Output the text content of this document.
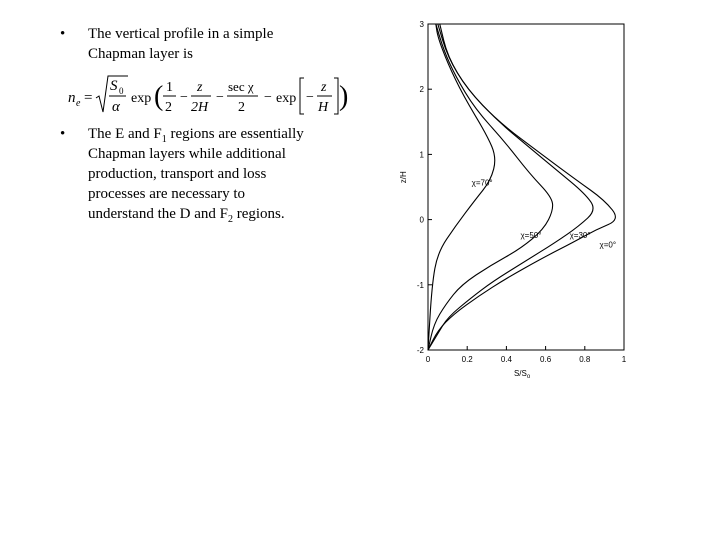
• The vertical profile in a simple
Chapman layer is
n e =
S 0
α
exp ( 1
2
−
z
2H
−
sec χ
2
− exp −
z
H )
• The E and $F_1$ regions are essentially
Chapman layers while additional
production, transport and loss
processes are necessary to
understand the D and $F_2$ regions.
-2
-1
0
1
2
3
0	0.2	0.4	0.6	0.8	1
χ=0°
χ=30°
χ=50°
χ=70°
z/H
$S/S_o$
